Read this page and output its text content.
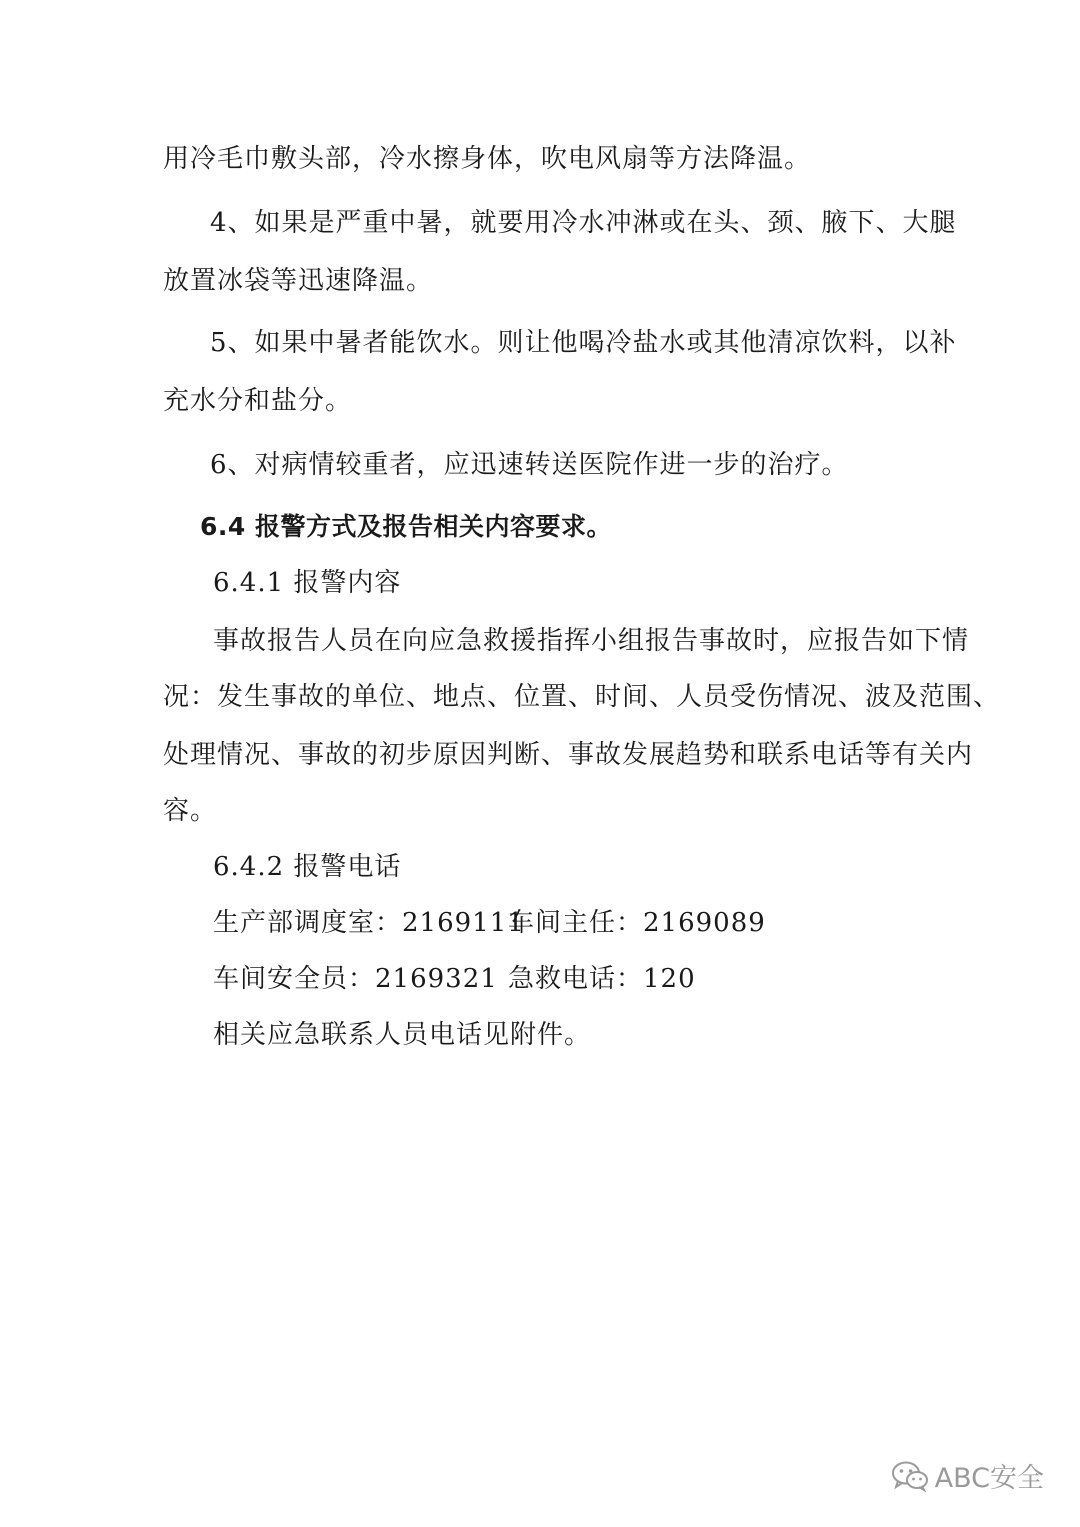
用冷毛巾敷头部，冷水擦身体，吹电风扇等方法降温。
4、如果是严重中暑，就要用冷水冲淋或在头、颈、腋下、大腿
放置冰袋等迅速降温。
5、如果中暑者能饮水。则让他喝冷盐水或其他清凉饮料，以补
充水分和盐分。
6、对病情较重者，应迅速转送医院作进一步的治疗。
6.4 报警方式及报告相关内容要求。
6.4.1 报警内容
事故报告人员在向应急救援指挥小组报告事故时，应报告如下情
况：发生事故的单位、地点、位置、时间、人员受伤情况、波及范围、
处理情况、事故的初步原因判断、事故发展趋势和联系电话等有关内
容。
6.4.2 报警电话
生产部调度室：2169111
车间主任：2169089
车间安全员：2169321 急救电话：120
相关应急联系人员电话见附件。
ABC安全
